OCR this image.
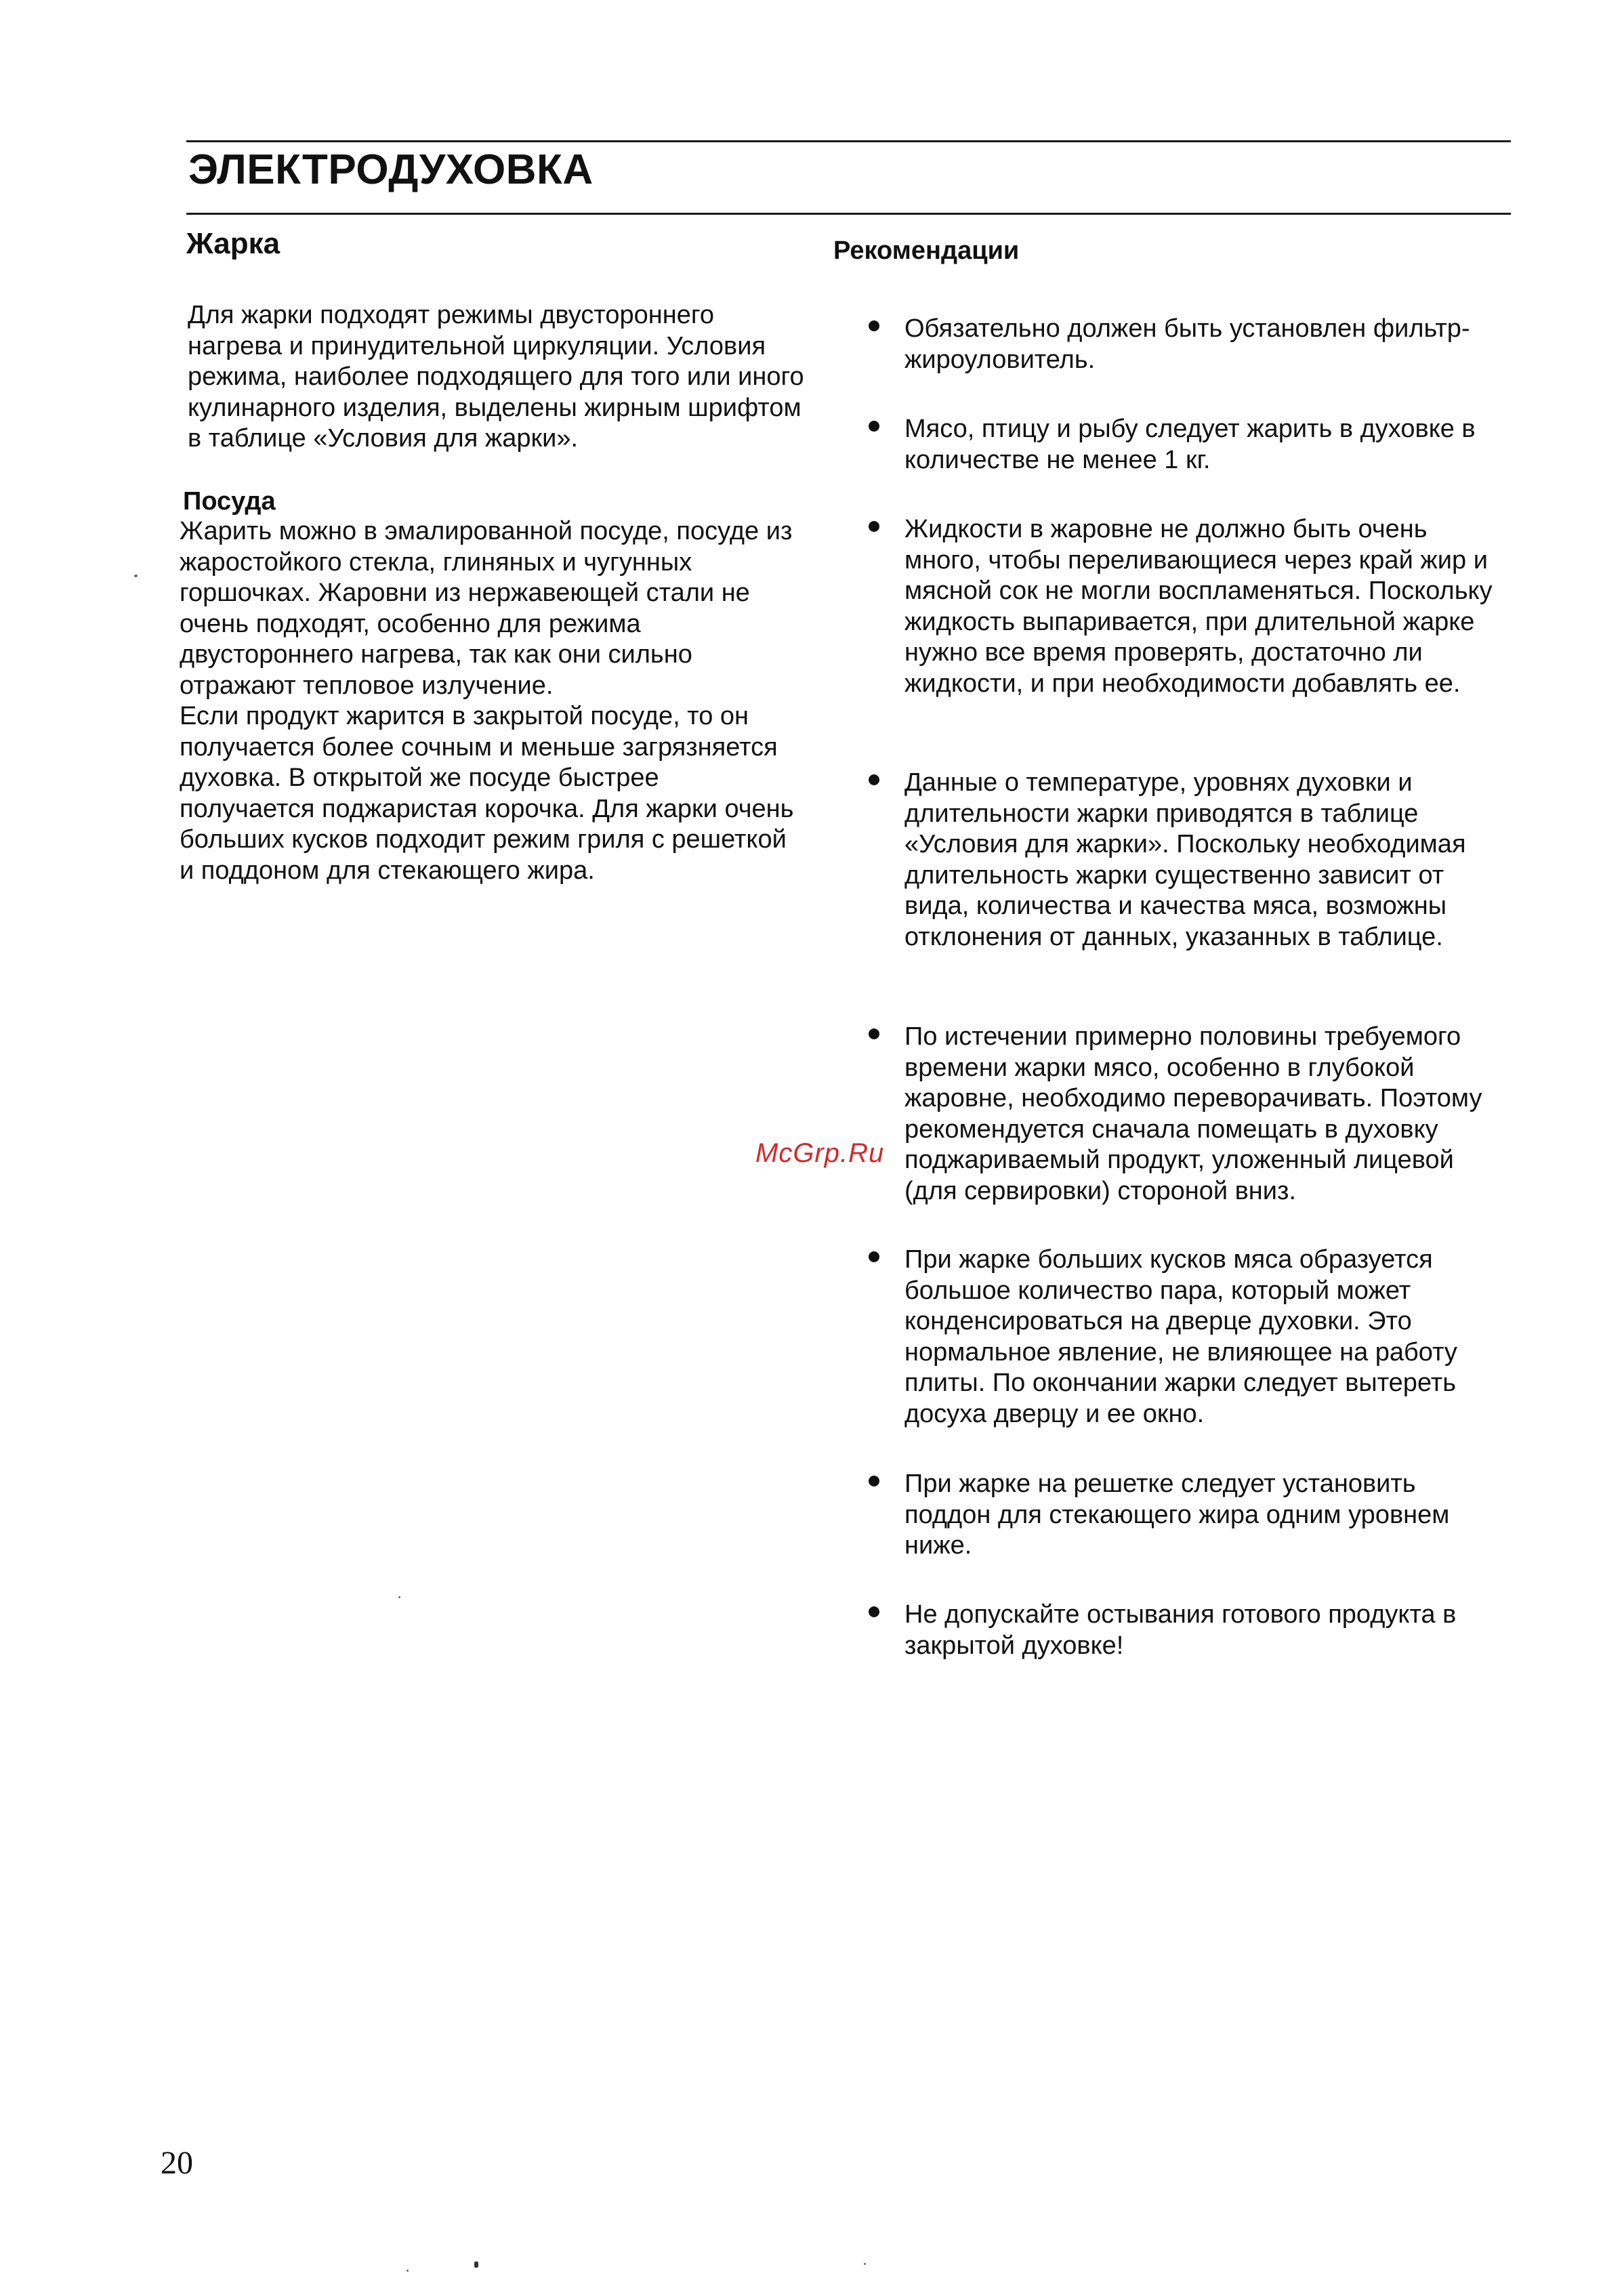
ЭЛЕКТРОДУХОВКА
Жарка

Для жарки подходят режимы двустороннего нагрева и принудительной циркуляции. Условия режима, наиболее подходящего для того или иного кулинарного изделия, выделены жирным шрифтом в таблице «Условия для жарки».

Посуда

Жарить можно в эмалированной посуде, посуде из жаростойкого стекла, глиняных и чугунных горшочках. Жаровни из нержавеющей стали не очень подходят, особенно для режима двустороннего нагрева, так как они сильно отражают тепловое излучение.

Если продукт жарится в закрытой посуде, то он получается более сочным и меньше загрязняется духовка. В открытой же посуде быстрее получается поджаристая корочка. Для жарки очень больших кусков подходит режим гриля с решеткой и поддоном для стекающего жира.

Рекомендации
Обязательно должен быть установлен фильтр-жироуловитель.
Мясо, птицу и рыбу следует жарить в духовке в количестве не менее 1 кг.
Жидкости в жаровне не должно быть очень много, чтобы переливающиеся через край жир и мясной сок не могли воспламеняться. Поскольку жидкость выпаривается, при длительной жарке нужно все время проверять, достаточно ли жидкости, и при необходимости добавлять ее.
Данные о температуре, уровнях духовки и длительности жарки приводятся в таблице «Условия для жарки». Поскольку необходимая длительность жарки существенно зависит от вида, количества и качества мяса, возможны отклонения от данных, указанных в таблице.
По истечении примерно половины требуемого времени жарки мясо, особенно в глубокой жаровне, необходимо переворачивать. Поэтому рекомендуется сначала помещать в духовку поджариваемый продукт, уложенный лицевой (для сервировки) стороной вниз.
При жарке больших кусков мяса образуется большое количество пара, который может конденсироваться на дверце духовки. Это нормальное явление, не влияющее на работу плиты. По окончании жарки следует вытереть досуха дверцу и ее окно.
При жарке на решетке следует установить поддон для стекающего жира одним уровнем ниже.
Не допускайте остывания готового продукта в закрытой духовке!
McGrp.Ru
20
